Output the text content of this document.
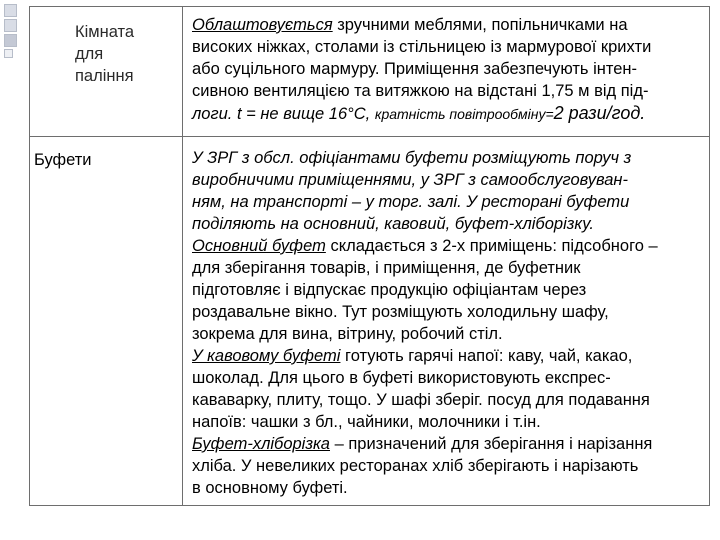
Кімната
для
паління
Облаштовується зручними меблями, попільничками на
високих ніжках, столами із стільницею із мармурової крихти
або суцільного мармуру. Приміщення забезпечують інтен-
сивною вентиляцією та витяжкою на відстані 1,75 м від під-
логи. t = не вище 16°С, кратність повітрообміну=2 рази/год.
Буфети	У ЗРГ з обсл. офіціантами буфети розміщують поруч з
виробничими приміщеннями, у ЗРГ з самообслуговуван-
ням, на транспорті – у торг. залі. У ресторані буфети
поділяють на основний, кавовий, буфет-хліборізку.
Основний буфет складається з 2-х приміщень: підсобного –
для зберігання товарів, і приміщення, де буфетник
підготовляє і відпускає продукцію офіціантам через
роздавальне вікно. Тут розміщують холодильну шафу,
зокрема для вина, вітрину, робочий стіл.
У кавовому буфеті готують гарячі напої: каву, чай, какао,
шоколад. Для цього в буфеті використовують експрес-
кававарку, плиту, тощо. У шафі зберіг. посуд для подавання
напоїв: чашки з бл., чайники, молочники і т.ін.
Буфет-хліборізка – призначений для зберігання і нарізання
хліба. У невеликих ресторанах хліб зберігають і нарізають
в основному буфеті.
